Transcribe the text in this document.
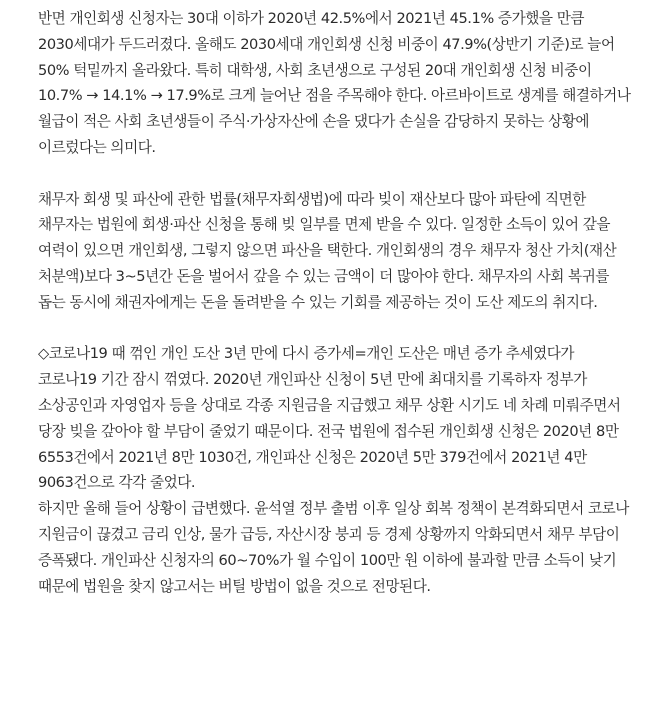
반면 개인회생 신청자는 30대 이하가 2020년 42.5%에서 2021년 45.1% 증가했을 만큼 2030세대가 두드러졌다. 올해도 2030세대 개인회생 신청 비중이 47.9%(상반기 기준)로 늘어 50% 턱밑까지 올라왔다. 특히 대학생, 사회 초년생으로 구성된 20대 개인회생 신청 비중이 10.7% → 14.1% → 17.9%로 크게 늘어난 점을 주목해야 한다. 아르바이트로 생계를 해결하거나 월급이 적은 사회 초년생들이 주식·가상자산에 손을 댔다가 손실을 감당하지 못하는 상황에 이르렀다는 의미다.

채무자 회생 및 파산에 관한 법률(채무자회생법)에 따라 빚이 재산보다 많아 파탄에 직면한 채무자는 법원에 회생·파산 신청을 통해 빚 일부를 면제 받을 수 있다. 일정한 소득이 있어 갚을 여력이 있으면 개인회생, 그렇지 않으면 파산을 택한다. 개인회생의 경우 채무자 청산 가치(재산 처분액)보다 3~5년간 돈을 벌어서 갚을 수 있는 금액이 더 많아야 한다. 채무자의 사회 복귀를 돕는 동시에 채권자에게는 돈을 돌려받을 수 있는 기회를 제공하는 것이 도산 제도의 취지다.

◇코로나19 때 꺾인 개인 도산 3년 만에 다시 증가세=개인 도산은 매년 증가 추세였다가 코로나19 기간 잠시 꺾였다. 2020년 개인파산 신청이 5년 만에 최대치를 기록하자 정부가 소상공인과 자영업자 등을 상대로 각종 지원금을 지급했고 채무 상환 시기도 네 차례 미뤄주면서 당장 빚을 갚아야 할 부담이 줄었기 때문이다. 전국 법원에 접수된 개인회생 신청은 2020년 8만 6553건에서 2021년 8만 1030건, 개인파산 신청은 2020년 5만 379건에서 2021년 4만 9063건으로 각각 줄었다.

하지만 올해 들어 상황이 급변했다. 윤석열 정부 출범 이후 일상 회복 정책이 본격화되면서 코로나 지원금이 끊겼고 금리 인상, 물가 급등, 자산시장 붕괴 등 경제 상황까지 악화되면서 채무 부담이 증폭됐다. 개인파산 신청자의 60~70%가 월 수입이 100만 원 이하에 불과할 만큼 소득이 낮기 때문에 법원을 찾지 않고서는 버틸 방법이 없을 것으로 전망된다.
